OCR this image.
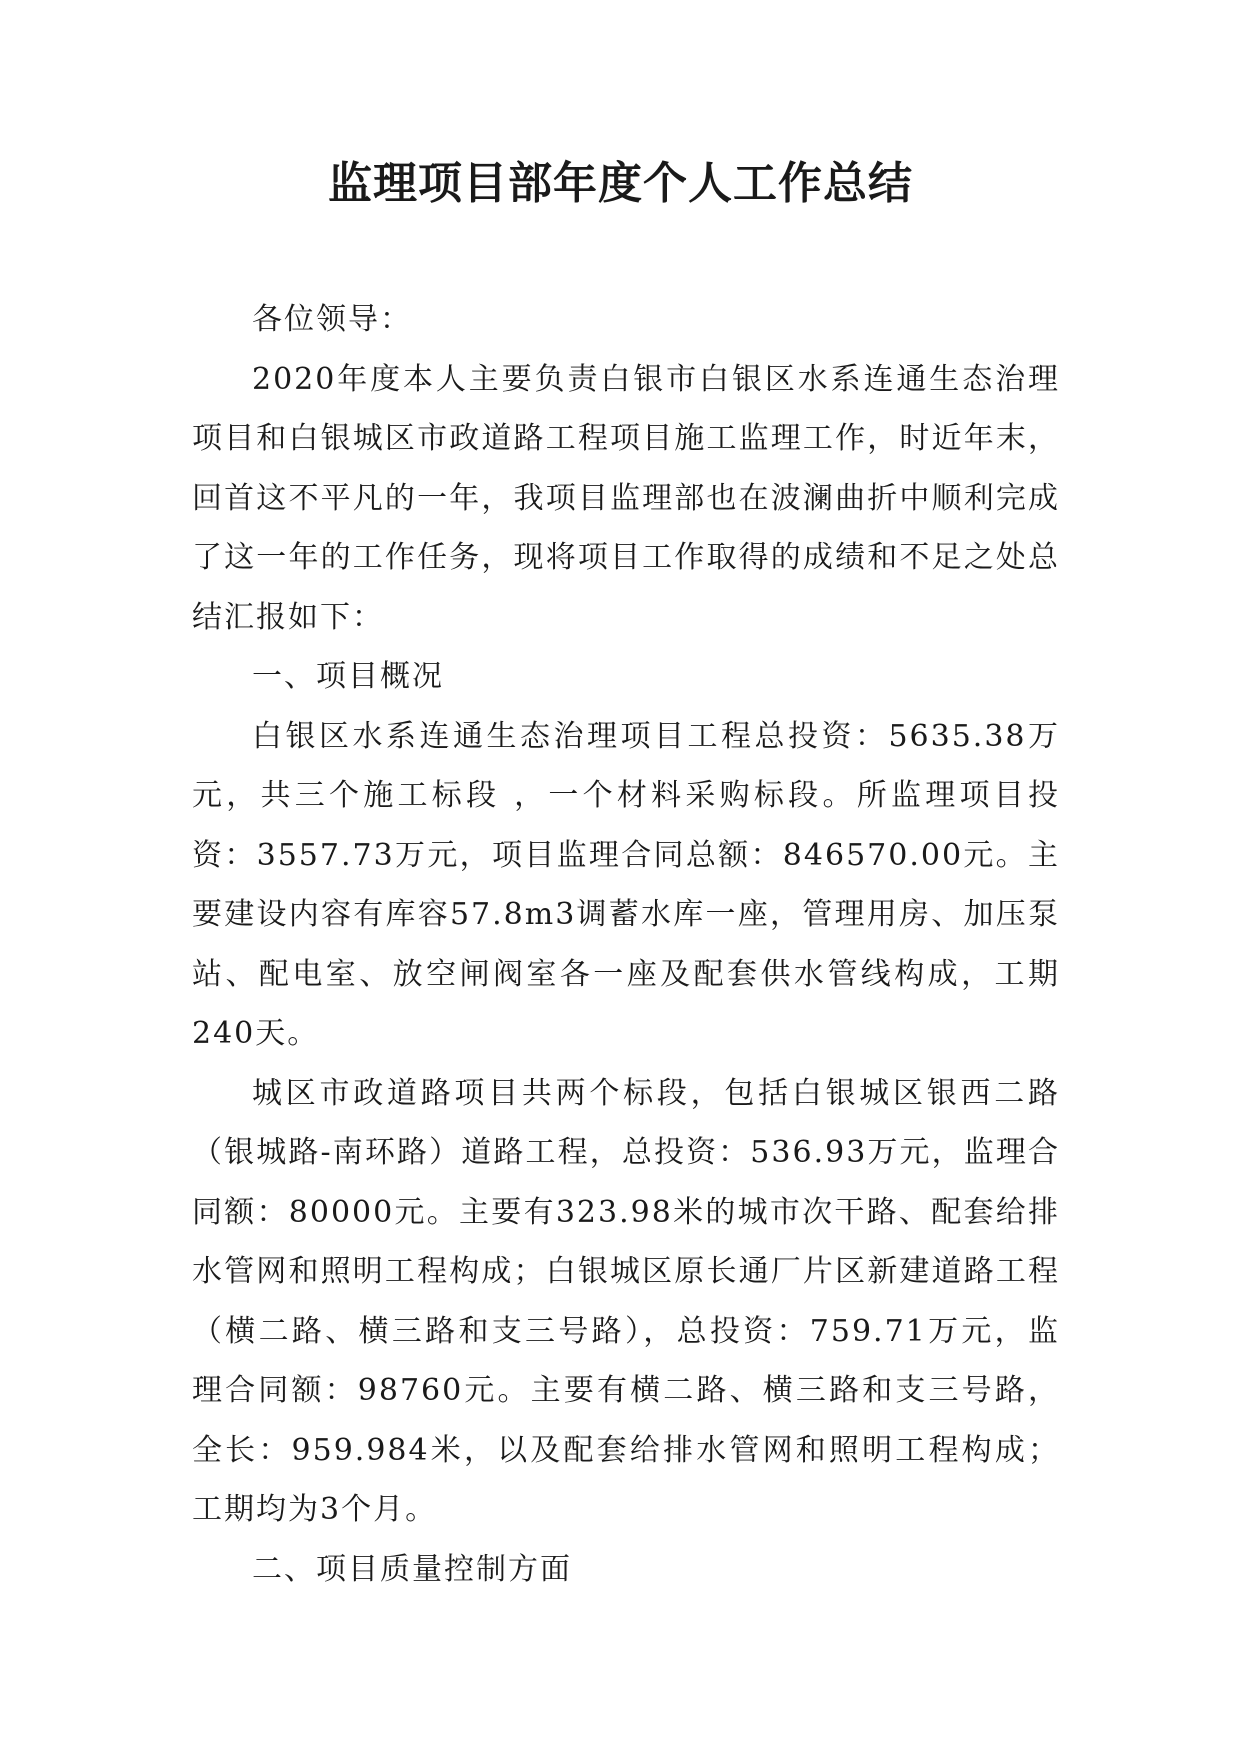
监理项目部年度个人工作总结

各位领导：

2020年度本人主要负责白银市白银区水系连通生态治理项目和白银城区市政道路工程项目施工监理工作，时近年末，回首这不平凡的一年，我项目监理部也在波澜曲折中顺利完成了这一年的工作任务，现将项目工作取得的成绩和不足之处总结汇报如下：

一、项目概况

白银区水系连通生态治理项目工程总投资：5635.38万元，共三个施工标段 ，一个材料采购标段。所监理项目投资：3557.73万元，项目监理合同总额：846570.00元。主要建设内容有库容57.8m3调蓄水库一座，管理用房、加压泵站、配电室、放空闸阀室各一座及配套供水管线构成，工期240天。

城区市政道路项目共两个标段，包括白银城区银西二路（银城路-南环路）道路工程，总投资：536.93万元，监理合同额：80000元。主要有323.98米的城市次干路、配套给排水管网和照明工程构成；白银城区原长通厂片区新建道路工程（横二路、横三路和支三号路），总投资：759.71万元，监理合同额：98760元。主要有横二路、横三路和支三号路，全长：959.984米，以及配套给排水管网和照明工程构成；工期均为3个月。

二、项目质量控制方面
